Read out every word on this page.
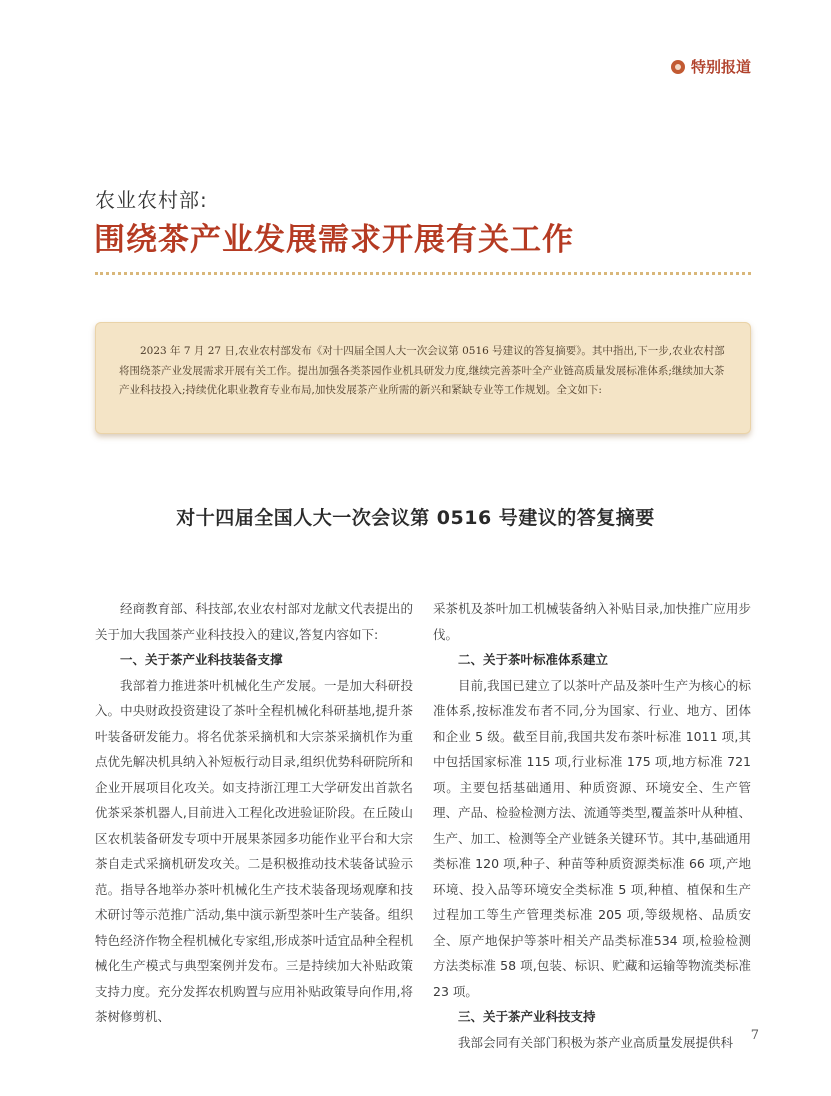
特别报道
农业农村部:
围绕茶产业发展需求开展有关工作

2023 年 7 月 27 日,农业农村部发布《对十四届全国人大一次会议第 0516 号建议的答复摘要》。其中指出,下一步,农业农村部将围绕茶产业发展需求开展有关工作。提出加强各类茶园作业机具研发力度,继续完善茶叶全产业链高质量发展标准体系;继续加大茶产业科技投入;持续优化职业教育专业布局,加快发展茶产业所需的新兴和紧缺专业等工作规划。全文如下:

对十四届全国人大一次会议第 0516 号建议的答复摘要

经商教育部、科技部,农业农村部对龙献文代表提出的关于加大我国茶产业科技投入的建议,答复内容如下:

一、关于茶产业科技装备支撑

我部着力推进茶叶机械化生产发展。一是加大科研投入。中央财政投资建设了茶叶全程机械化科研基地,提升茶叶装备研发能力。将名优茶采摘机和大宗茶采摘机作为重点优先解决机具纳入补短板行动目录,组织优势科研院所和企业开展项目化攻关。如支持浙江理工大学研发出首款名优茶采茶机器人,目前进入工程化改进验证阶段。在丘陵山区农机装备研发专项中开展果茶园多功能作业平台和大宗茶自走式采摘机研发攻关。二是积极推动技术装备试验示范。指导各地举办茶叶机械化生产技术装备现场观摩和技术研讨等示范推广活动,集中演示新型茶叶生产装备。组织特色经济作物全程机械化专家组,形成茶叶适宜品种全程机械化生产模式与典型案例并发布。三是持续加大补贴政策支持力度。充分发挥农机购置与应用补贴政策导向作用,将茶树修剪机、

采茶机及茶叶加工机械装备纳入补贴目录,加快推广应用步伐。

二、关于茶叶标准体系建立

目前,我国已建立了以茶叶产品及茶叶生产为核心的标准体系,按标准发布者不同,分为国家、行业、地方、团体和企业 5 级。截至目前,我国共发布茶叶标准 1011 项,其中包括国家标准 115 项,行业标准 175 项,地方标准 721 项。主要包括基础通用、种质资源、环境安全、生产管理、产品、检验检测方法、流通等类型,覆盖茶叶从种植、生产、加工、检测等全产业链条关键环节。其中,基础通用类标准 120 项,种子、种苗等种质资源类标准 66 项,产地环境、投入品等环境安全类标准 5 项,种植、植保和生产过程加工等生产管理类标准 205 项,等级规格、品质安全、原产地保护等茶叶相关产品类标准534 项,检验检测方法类标准 58 项,包装、标识、贮藏和运输等物流类标准 23 项。

三、关于茶产业科技支持

我部会同有关部门积极为茶产业高质量发展提供科	7
